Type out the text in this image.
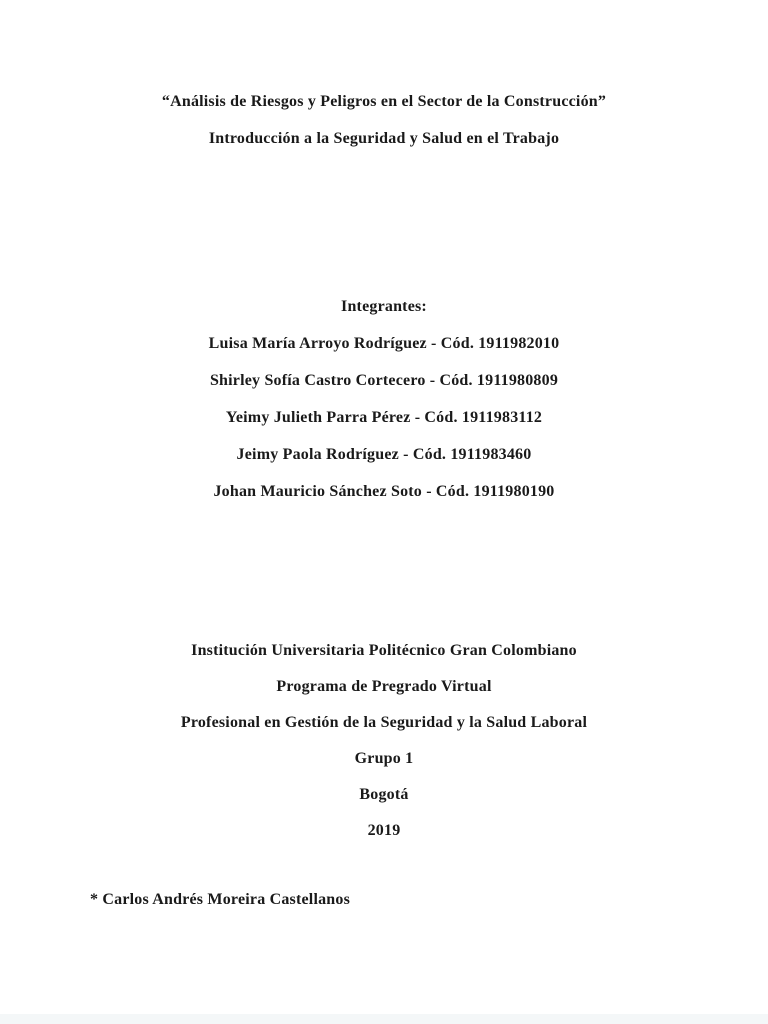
“Análisis de Riesgos y Peligros en el Sector de la Construcción”
Introducción a la Seguridad y Salud en el Trabajo
Integrantes:
Luisa María Arroyo Rodríguez - Cód. 1911982010
Shirley Sofía Castro Cortecero - Cód. 1911980809
Yeimy Julieth Parra Pérez - Cód. 1911983112
Jeimy Paola Rodríguez - Cód. 1911983460
Johan Mauricio Sánchez Soto - Cód. 1911980190
Institución Universitaria Politécnico Gran Colombiano
Programa de Pregrado Virtual
Profesional en Gestión de la Seguridad y la Salud Laboral
Grupo 1
Bogotá
2019
* Carlos Andrés Moreira Castellanos
